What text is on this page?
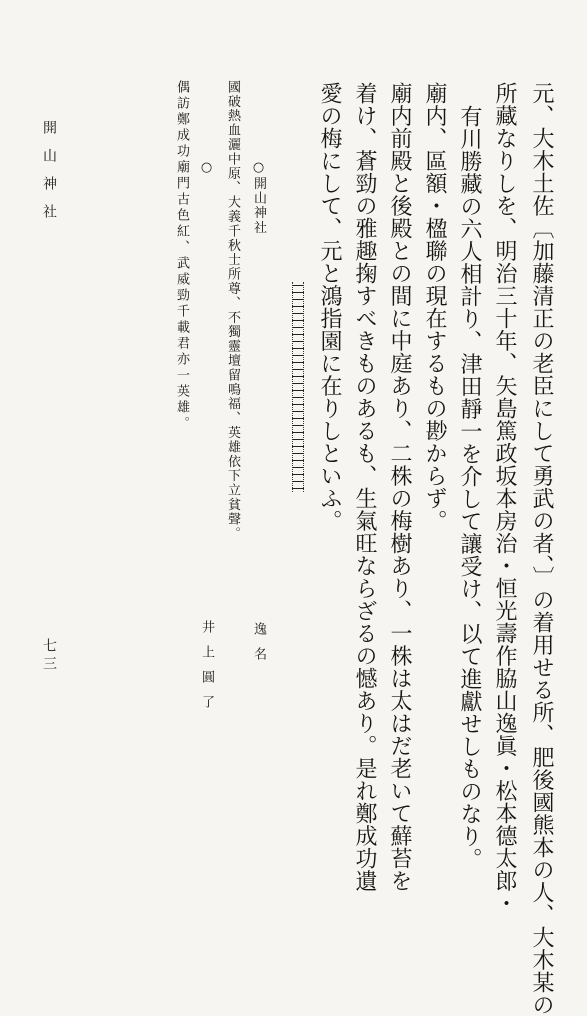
元、大木土佐〔加藤清正の老臣にして勇武の者、〕の着用せる所、肥後國熊本の人、大木某の
所藏なりしを、明治三十年、矢島篤政坂本房治・恒光壽作脇山逸眞・松本德太郎・
有川勝藏の六人相計り、津田靜一を介して讓受け、以て進獻せしものなり。
廟内、區額・楹聯の現在するもの尠からず。
廟内前殿と後殿との間に中庭あり、二株の梅樹あり、一株は太はだ老いて蘚苔を
着け、蒼勁の雅趣掬すべきものあるも、生氣旺ならざるの憾あり。是れ鄭成功遺
愛の梅にして、元と鴻指園に在りしといふ。
○開山神社
國破熱血灑中原、大義千秋士所尊、不獨靈壇留鳴福、英雄依下立貧聲。
逸名
○
偶訪鄭成功廟門古色紅、武威勁千載君亦一英雄。
井上圓了
開山神社
七三
